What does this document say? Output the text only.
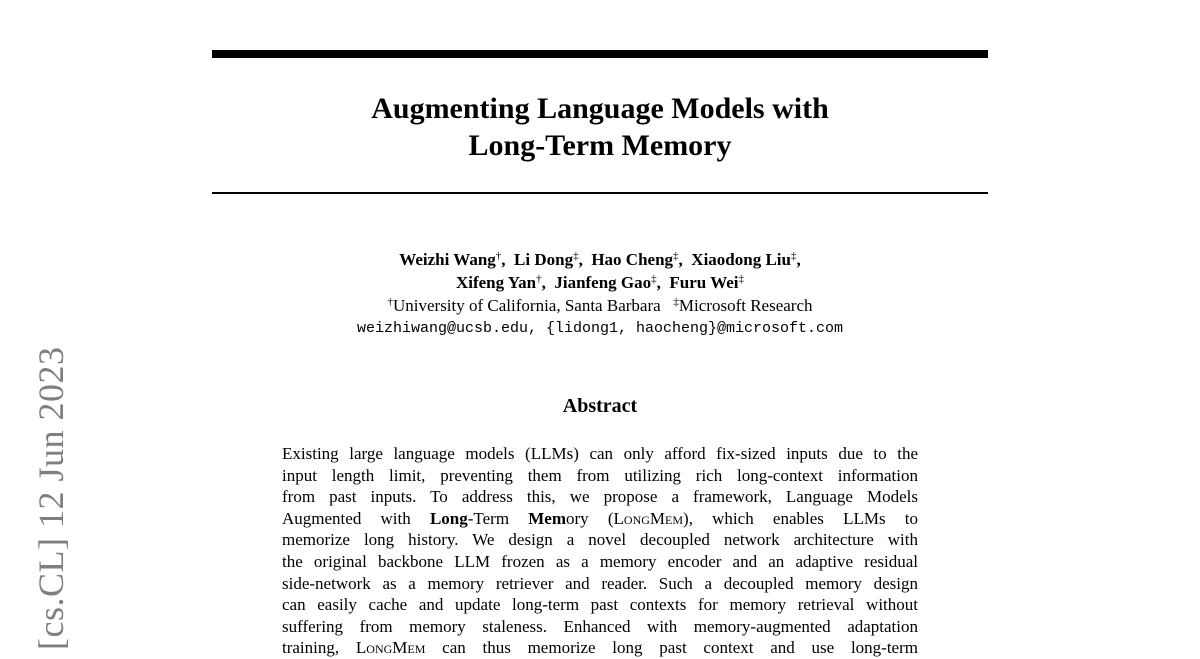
[cs.CL] 12 Jun 2023
Augmenting Language Models with
Long-Term Memory
Weizhi Wang†,  Li Dong‡,  Hao Cheng‡,  Xiaodong Liu‡,
Xifeng Yan†,  Jianfeng Gao‡,  Furu Wei‡
†University of California, Santa Barbara ‡Microsoft Research
weizhiwang@ucsb.edu, {lidong1, haocheng}@microsoft.com
Abstract
Existing large language models (LLMs) can only afford fix-sized inputs due to the
input length limit, preventing them from utilizing rich long-context information
from past inputs. To address this, we propose a framework, Language Models
Augmented with Long-Term Memory (LongMem), which enables LLMs to
memorize long history. We design a novel decoupled network architecture with
the original backbone LLM frozen as a memory encoder and an adaptive residual
side-network as a memory retriever and reader. Such a decoupled memory design
can easily cache and update long-term past contexts for memory retrieval without
suffering from memory staleness. Enhanced with memory-augmented adaptation
training, LongMem can thus memorize long past context and use long-term
